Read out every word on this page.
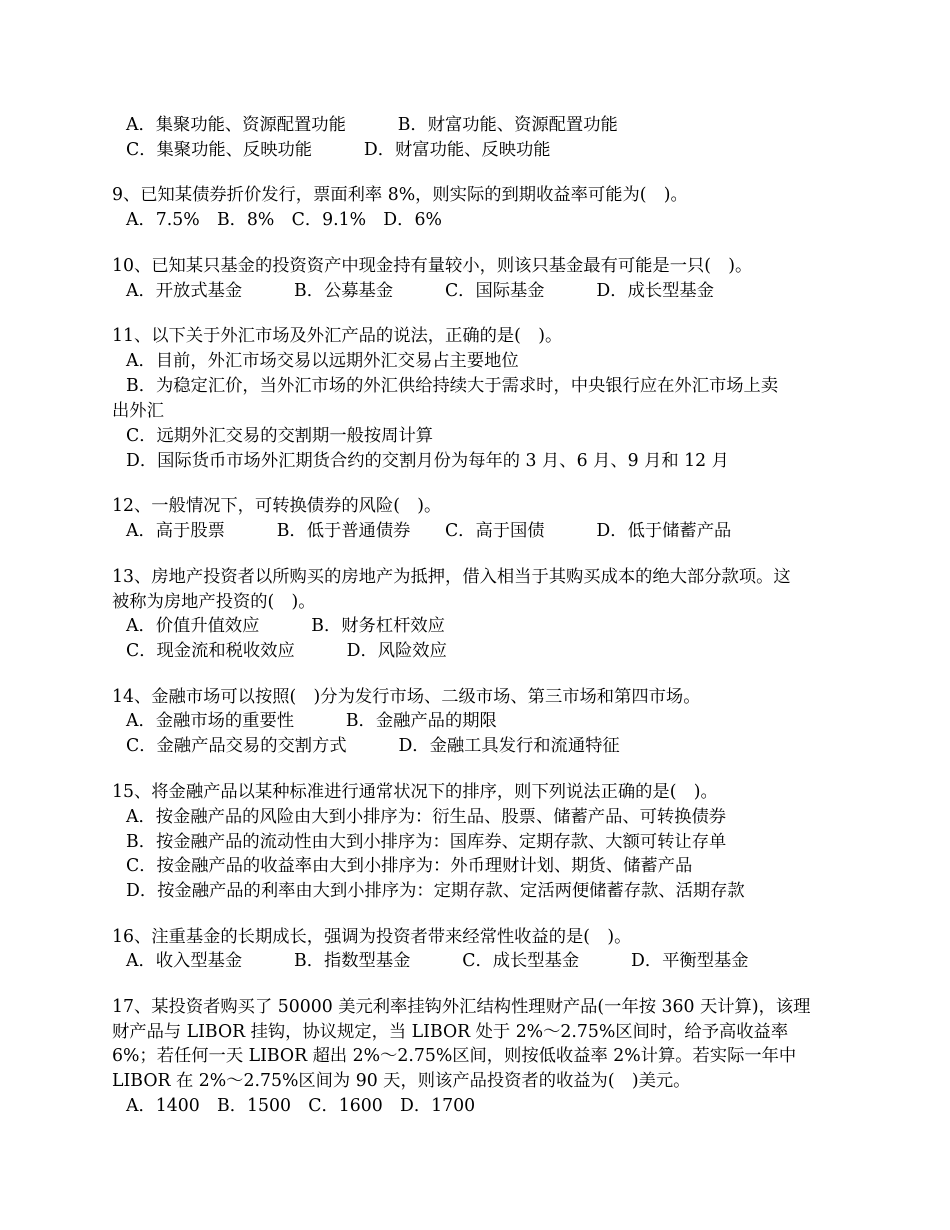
A．集聚功能、资源配置功能　　　B．财富功能、资源配置功能
C．集聚功能、反映功能　　　D．财富功能、反映功能
9、已知某债券折价发行，票面利率 8%，则实际的到期收益率可能为(　)。
A．7.5%　B．8%　C．9.1%　D．6%
10、已知某只基金的投资资产中现金持有量较小，则该只基金最有可能是一只(　)。
A．开放式基金　　　B．公募基金　　　C．国际基金　　　D．成长型基金
11、以下关于外汇市场及外汇产品的说法，正确的是(　)。
A．目前，外汇市场交易以远期外汇交易占主要地位
B．为稳定汇价，当外汇市场的外汇供给持续大于需求时，中央银行应在外汇市场上卖
出外汇
C．远期外汇交易的交割期一般按周计算
D．国际货币市场外汇期货合约的交割月份为每年的 3 月、6 月、9 月和 12 月
12、一般情况下，可转换债券的风险(　)。
A．高于股票　　　B．低于普通债券　　C．高于国债　　　D．低于储蓄产品
13、房地产投资者以所购买的房地产为抵押，借入相当于其购买成本的绝大部分款项。这
被称为房地产投资的(　)。
A．价值升值效应　　　B．财务杠杆效应
C．现金流和税收效应　　　D．风险效应
14、金融市场可以按照(　)分为发行市场、二级市场、第三市场和第四市场。
A．金融市场的重要性　　　B．金融产品的期限
C．金融产品交易的交割方式　　　D．金融工具发行和流通特征
15、将金融产品以某种标准进行通常状况下的排序，则下列说法正确的是(　)。
A．按金融产品的风险由大到小排序为：衍生品、股票、储蓄产品、可转换债券
B．按金融产品的流动性由大到小排序为：国库券、定期存款、大额可转让存单
C．按金融产品的收益率由大到小排序为：外币理财计划、期货、储蓄产品
D．按金融产品的利率由大到小排序为：定期存款、定活两便储蓄存款、活期存款
16、注重基金的长期成长，强调为投资者带来经常性收益的是(　)。
A．收入型基金　　　B．指数型基金　　　C．成长型基金　　　D．平衡型基金
17、某投资者购买了 50000 美元利率挂钩外汇结构性理财产品(一年按 360 天计算)，该理
财产品与 LIBOR 挂钩，协议规定，当 LIBOR 处于 2%～2.75%区间时，给予高收益率
6%；若任何一天 LIBOR 超出 2%～2.75%区间，则按低收益率 2%计算。若实际一年中
LIBOR 在 2%～2.75%区间为 90 天，则该产品投资者的收益为(　)美元。
A．1400　B．1500　C．1600　D．1700
